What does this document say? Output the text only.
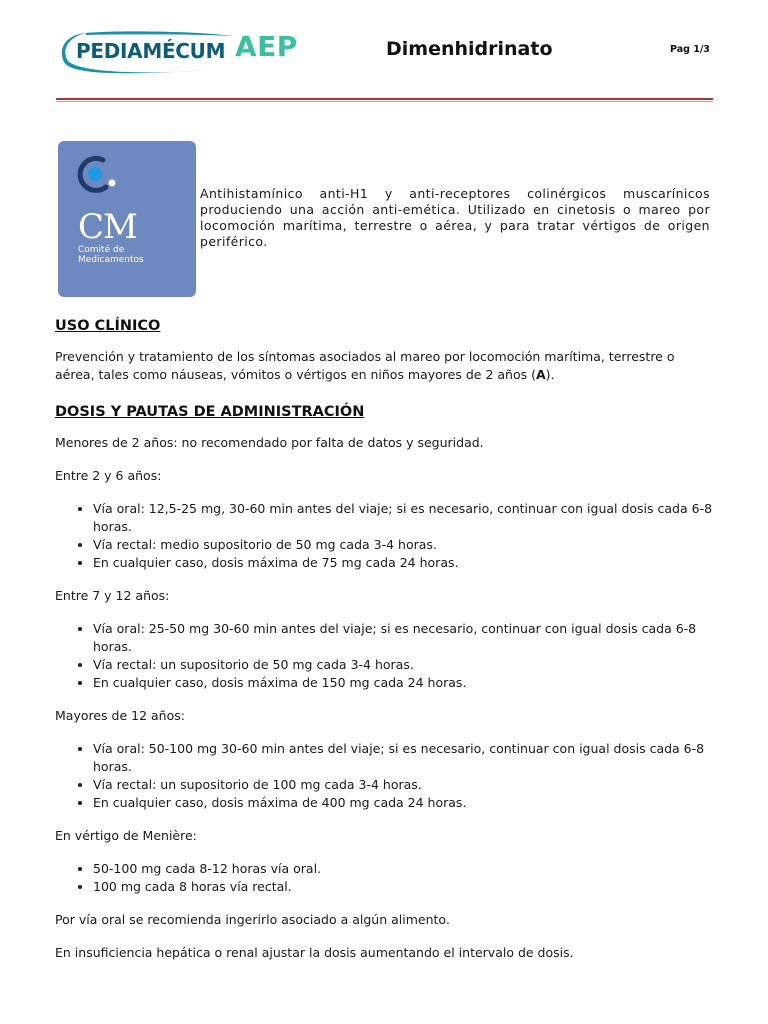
PEDIAMÉCUM AEP	Dimenhidrinato	Pag 1/3
CM
Comité de
Medicamentos
Antihistamínico anti-H1 y anti-receptores colinérgicos muscarínicos produciendo una acción anti-emética. Utilizado en cinetosis o mareo por locomoción marítima, terrestre o aérea, y para tratar vértigos de origen periférico.
USO CLÍNICO

Prevención y tratamiento de los síntomas asociados al mareo por locomoción marítima, terrestre o aérea, tales como náuseas, vómitos o vértigos en niños mayores de 2 años (A).

DOSIS Y PAUTAS DE ADMINISTRACIÓN

Menores de 2 años: no recomendado por falta de datos y seguridad.

Entre 2 y 6 años:

• Vía oral: 12,5-25 mg, 30-60 min antes del viaje; si es necesario, continuar con igual dosis cada 6-8 horas.
• Vía rectal: medio supositorio de 50 mg cada 3-4 horas.
• En cualquier caso, dosis máxima de 75 mg cada 24 horas.

Entre 7 y 12 años:

• Vía oral: 25-50 mg 30-60 min antes del viaje; si es necesario, continuar con igual dosis cada 6-8 horas.
• Vía rectal: un supositorio de 50 mg cada 3-4 horas.
• En cualquier caso, dosis máxima de 150 mg cada 24 horas.

Mayores de 12 años:

• Vía oral: 50-100 mg 30-60 min antes del viaje; si es necesario, continuar con igual dosis cada 6-8 horas.
• Vía rectal: un supositorio de 100 mg cada 3-4 horas.
• En cualquier caso, dosis máxima de 400 mg cada 24 horas.

En vértigo de Menière:

• 50-100 mg cada 8-12 horas vía oral.
• 100 mg cada 8 horas vía rectal.

Por vía oral se recomienda ingerirlo asociado a algún alimento.

En insuficiencia hepática o renal ajustar la dosis aumentando el intervalo de dosis.
